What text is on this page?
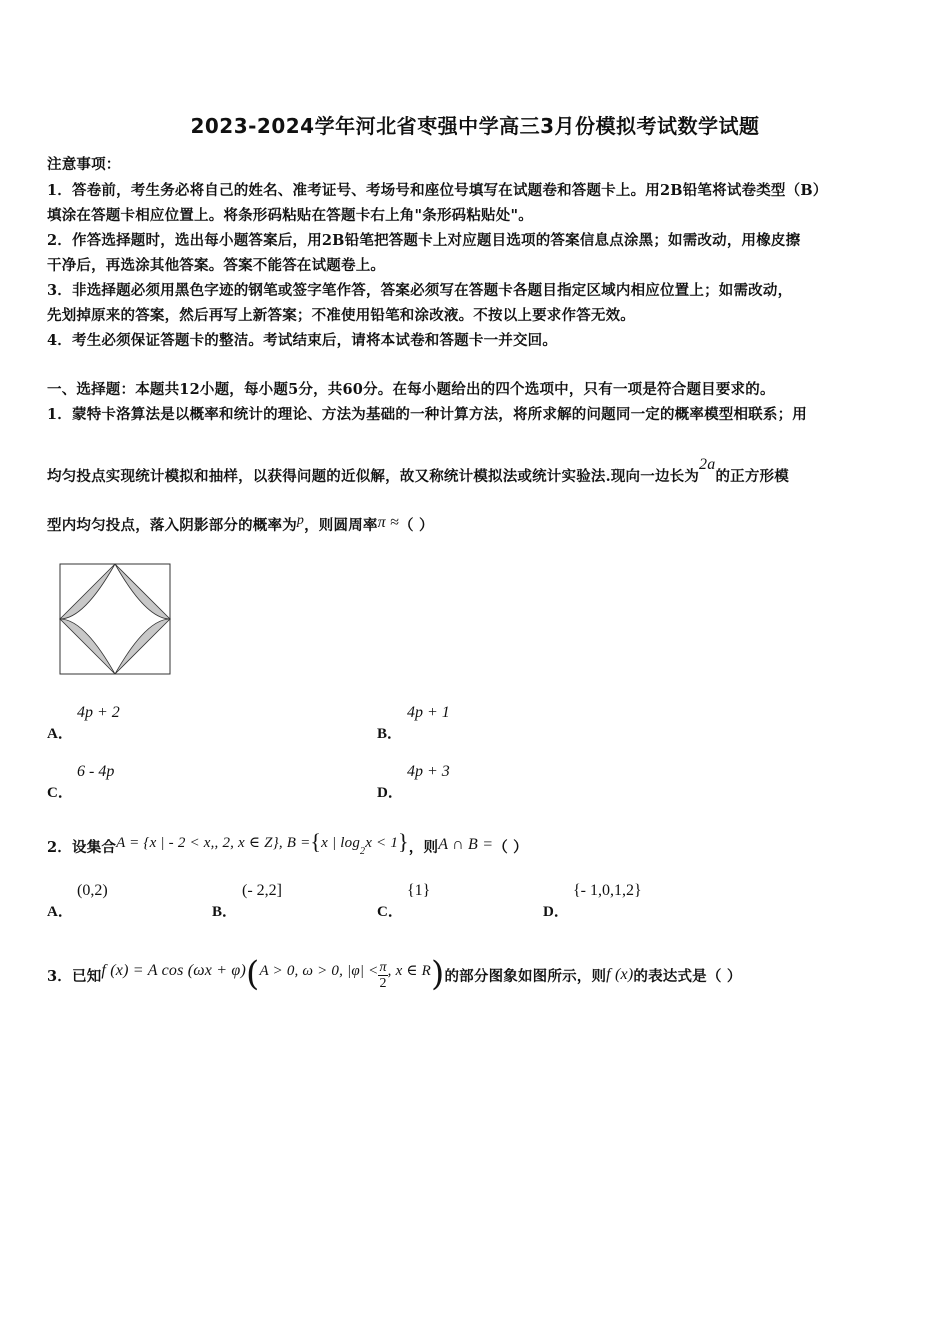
2023-2024学年河北省枣强中学高三3月份模拟考试数学试题
注意事项：
1．答卷前，考生务必将自己的姓名、准考证号、考场号和座位号填写在试题卷和答题卡上。用2B铅笔将试卷类型（B）
填涂在答题卡相应位置上。将条形码粘贴在答题卡右上角"条形码粘贴处"。
2．作答选择题时，选出每小题答案后，用2B铅笔把答题卡上对应题目选项的答案信息点涂黑；如需改动，用橡皮擦
干净后，再选涂其他答案。答案不能答在试题卷上。
3．非选择题必须用黑色字迹的钢笔或签字笔作答，答案必须写在答题卡各题目指定区域内相应位置上；如需改动，
先划掉原来的答案，然后再写上新答案；不准使用铅笔和涂改液。不按以上要求作答无效。
4．考生必须保证答题卡的整洁。考试结束后，请将本试卷和答题卡一并交回。
一、选择题：本题共12小题，每小题5分，共60分。在每小题给出的四个选项中，只有一项是符合题目要求的。
1．蒙特卡洛算法是以概率和统计的理论、方法为基础的一种计算方法，将所求解的问题同一定的概率模型相联系；用
均匀投点实现统计模拟和抽样，以获得问题的近似解，故又称统计模拟法或统计实验法.现向一边长为2a的正方形模
型内均匀投点，落入阴影部分的概率为p，则圆周率π ≈（ ）
A．
4p + 2
B．
4p + 1
C．
6 - 4p
D．
4p + 3
2．设集合A = {x | - 2 < x,, 2, x ∈ Z}, B ={x | $\log_2x < 1$}，则A ∩ B =（ ）
A．
(0,2)
B．
(- 2,2]
C．
{1}
D．
{- 1,0,1,2}
3．已知f (x) = A cos (ωx + φ)(A > 0, ω > 0, $|\varphi| < \frac{\pi}{2}$ , x ∈ R)的部分图象如图所示，则f (x)的表达式是（ ）
